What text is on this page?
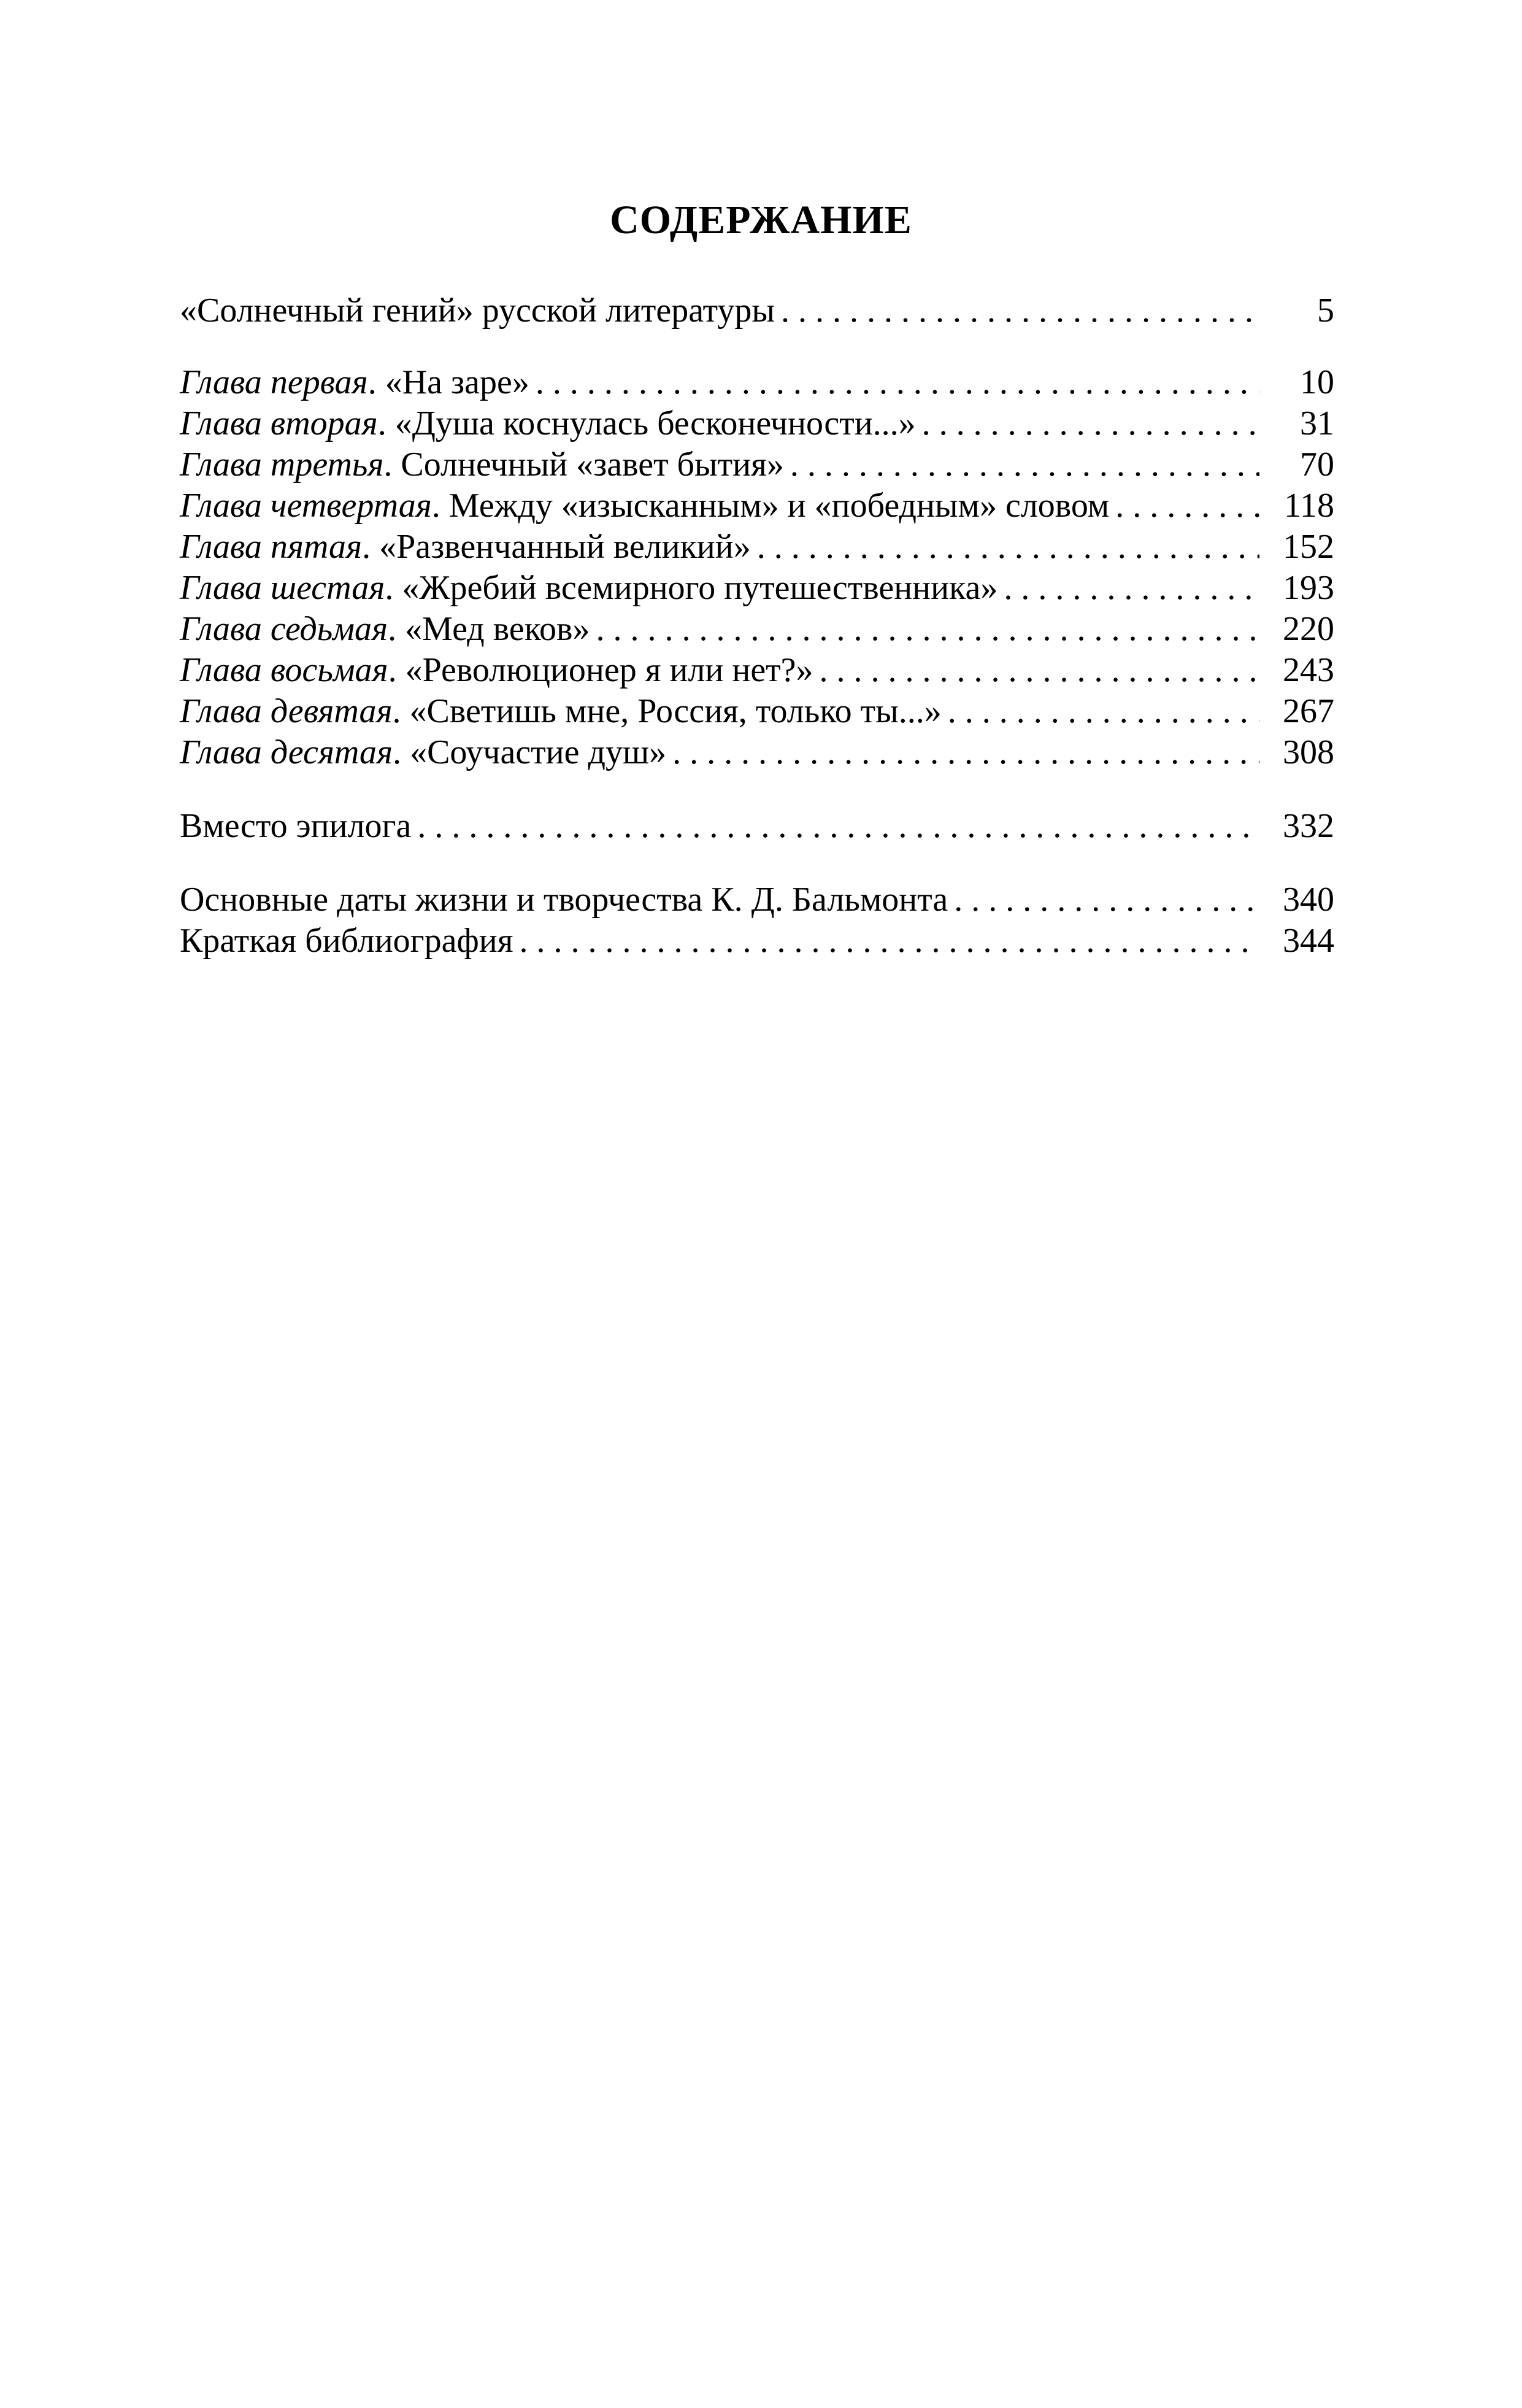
СОДЕРЖАНИЕ
«Солнечный гений» русской литературы . . .	5
Глава первая. «На заре» . . .	10
Глава вторая. «Душа коснулась бесконечности...» . . .	31
Глава третья. Солнечный «завет бытия» . . .	70
Глава четвертая. Между «изысканным» и «победным» словом . . .	118
Глава пятая. «Развенчанный великий» . . .	152
Глава шестая. «Жребий всемирного путешественника» . . .	193
Глава седьмая. «Мед веков» . . .	220
Глава восьмая. «Революционер я или нет?» . . .	243
Глава девятая. «Светишь мне, Россия, только ты...» . . .	267
Глава десятая. «Соучастие душ» . . .	308
Вместо эпилога . . .	332
Основные даты жизни и творчества К. Д. Бальмонта . . .	340
Краткая библиография . . .	344
